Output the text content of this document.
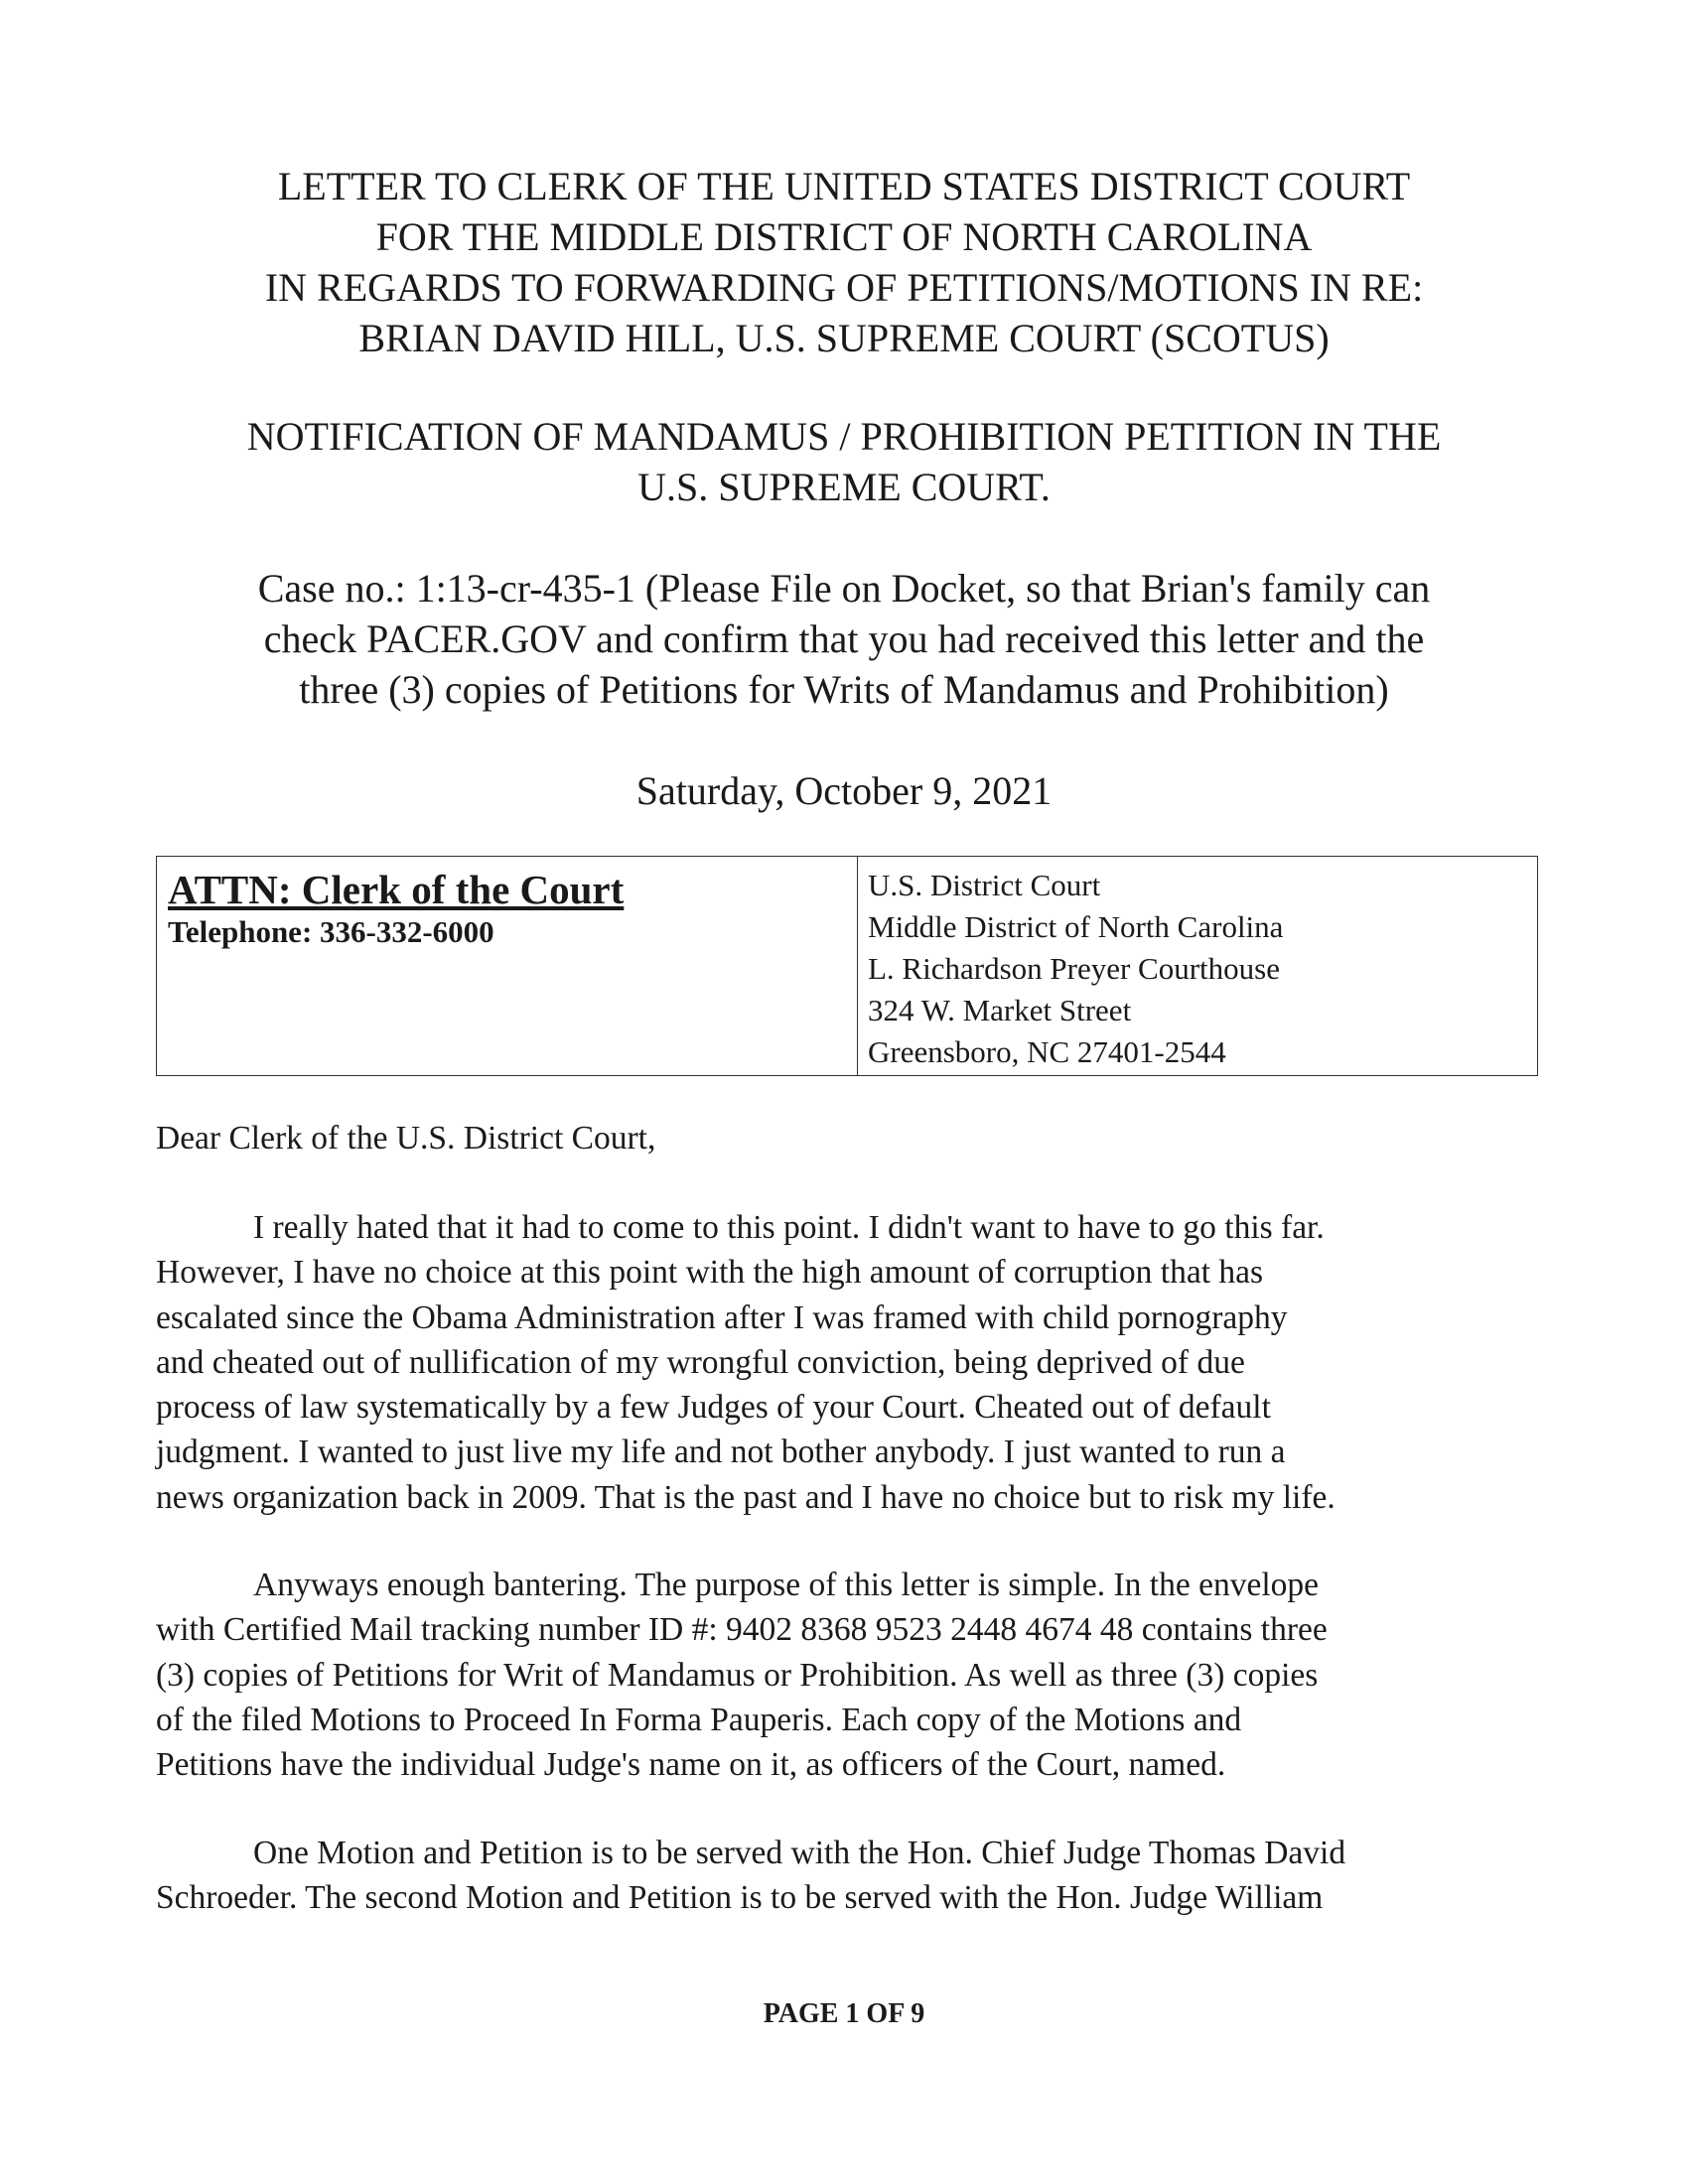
LETTER TO CLERK OF THE UNITED STATES DISTRICT COURT
FOR THE MIDDLE DISTRICT OF NORTH CAROLINA
IN REGARDS TO FORWARDING OF PETITIONS/MOTIONS IN RE:
BRIAN DAVID HILL, U.S. SUPREME COURT (SCOTUS)
NOTIFICATION OF MANDAMUS / PROHIBITION PETITION IN THE
U.S. SUPREME COURT.
Case no.: 1:13-cr-435-1 (Please File on Docket, so that Brian's family can
check PACER.GOV and confirm that you had received this letter and the
three (3) copies of Petitions for Writs of Mandamus and Prohibition)
Saturday, October 9, 2021
ATTN: Clerk of the Court
Telephone: 336-332-6000

U.S. District Court
Middle District of North Carolina
L. Richardson Preyer Courthouse
324 W. Market Street
Greensboro, NC 27401-2544
Dear Clerk of the U.S. District Court,
I really hated that it had to come to this point. I didn't want to have to go this far.
However, I have no choice at this point with the high amount of corruption that has
escalated since the Obama Administration after I was framed with child pornography
and cheated out of nullification of my wrongful conviction, being deprived of due
process of law systematically by a few Judges of your Court. Cheated out of default
judgment. I wanted to just live my life and not bother anybody. I just wanted to run a
news organization back in 2009. That is the past and I have no choice but to risk my life.
Anyways enough bantering. The purpose of this letter is simple. In the envelope
with Certified Mail tracking number ID #: 9402 8368 9523 2448 4674 48 contains three
(3) copies of Petitions for Writ of Mandamus or Prohibition. As well as three (3) copies
of the filed Motions to Proceed In Forma Pauperis. Each copy of the Motions and
Petitions have the individual Judge's name on it, as officers of the Court, named.
One Motion and Petition is to be served with the Hon. Chief Judge Thomas David
Schroeder. The second Motion and Petition is to be served with the Hon. Judge William
PAGE 1 OF 9
